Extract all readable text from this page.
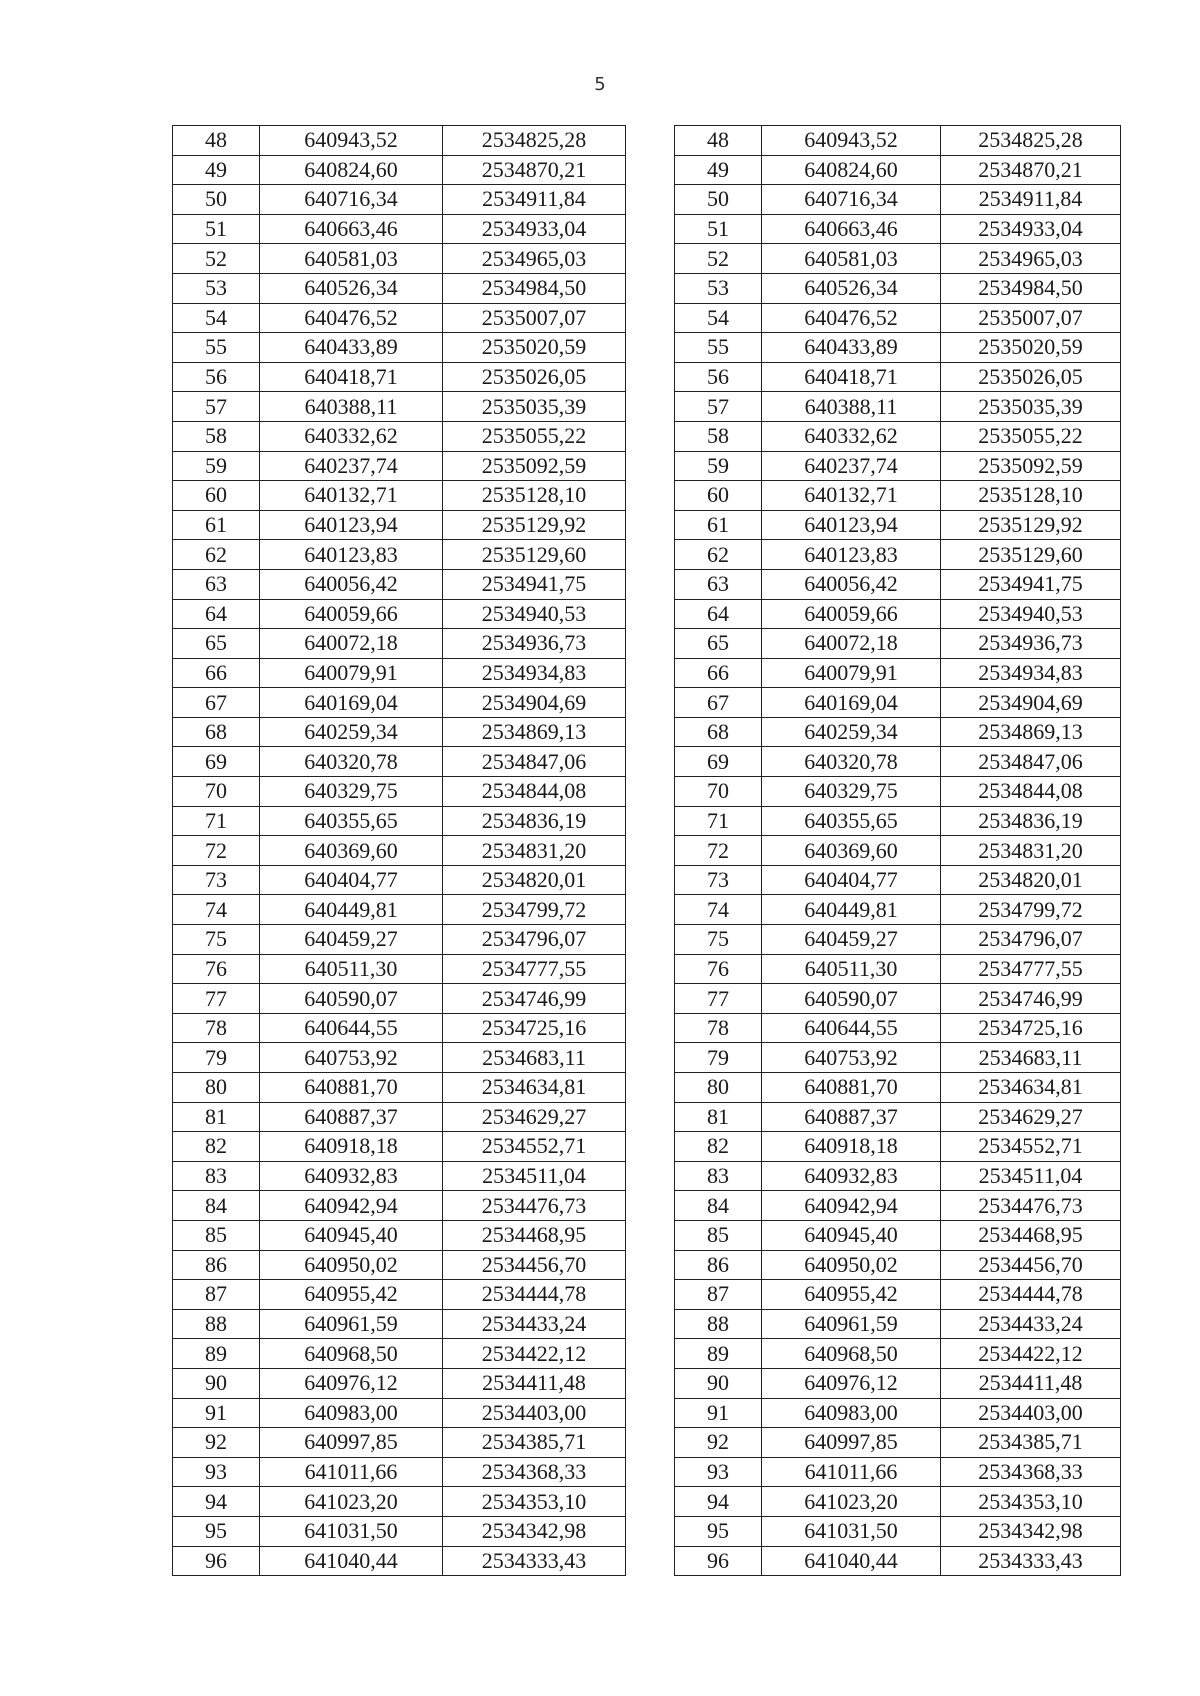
5
48	640943,52	2534825,28		48	640943,52	2534825,28
49	640824,60	2534870,21		49	640824,60	2534870,21
50	640716,34	2534911,84		50	640716,34	2534911,84
51	640663,46	2534933,04		51	640663,46	2534933,04
52	640581,03	2534965,03		52	640581,03	2534965,03
53	640526,34	2534984,50		53	640526,34	2534984,50
54	640476,52	2535007,07		54	640476,52	2535007,07
55	640433,89	2535020,59		55	640433,89	2535020,59
56	640418,71	2535026,05		56	640418,71	2535026,05
57	640388,11	2535035,39		57	640388,11	2535035,39
58	640332,62	2535055,22		58	640332,62	2535055,22
59	640237,74	2535092,59		59	640237,74	2535092,59
60	640132,71	2535128,10		60	640132,71	2535128,10
61	640123,94	2535129,92		61	640123,94	2535129,92
62	640123,83	2535129,60		62	640123,83	2535129,60
63	640056,42	2534941,75		63	640056,42	2534941,75
64	640059,66	2534940,53		64	640059,66	2534940,53
65	640072,18	2534936,73		65	640072,18	2534936,73
66	640079,91	2534934,83		66	640079,91	2534934,83
67	640169,04	2534904,69		67	640169,04	2534904,69
68	640259,34	2534869,13		68	640259,34	2534869,13
69	640320,78	2534847,06		69	640320,78	2534847,06
70	640329,75	2534844,08		70	640329,75	2534844,08
71	640355,65	2534836,19		71	640355,65	2534836,19
72	640369,60	2534831,20		72	640369,60	2534831,20
73	640404,77	2534820,01		73	640404,77	2534820,01
74	640449,81	2534799,72		74	640449,81	2534799,72
75	640459,27	2534796,07		75	640459,27	2534796,07
76	640511,30	2534777,55		76	640511,30	2534777,55
77	640590,07	2534746,99		77	640590,07	2534746,99
78	640644,55	2534725,16		78	640644,55	2534725,16
79	640753,92	2534683,11		79	640753,92	2534683,11
80	640881,70	2534634,81		80	640881,70	2534634,81
81	640887,37	2534629,27		81	640887,37	2534629,27
82	640918,18	2534552,71		82	640918,18	2534552,71
83	640932,83	2534511,04		83	640932,83	2534511,04
84	640942,94	2534476,73		84	640942,94	2534476,73
85	640945,40	2534468,95		85	640945,40	2534468,95
86	640950,02	2534456,70		86	640950,02	2534456,70
87	640955,42	2534444,78		87	640955,42	2534444,78
88	640961,59	2534433,24		88	640961,59	2534433,24
89	640968,50	2534422,12		89	640968,50	2534422,12
90	640976,12	2534411,48		90	640976,12	2534411,48
91	640983,00	2534403,00		91	640983,00	2534403,00
92	640997,85	2534385,71		92	640997,85	2534385,71
93	641011,66	2534368,33		93	641011,66	2534368,33
94	641023,20	2534353,10		94	641023,20	2534353,10
95	641031,50	2534342,98		95	641031,50	2534342,98
96	641040,44	2534333,43		96	641040,44	2534333,43
